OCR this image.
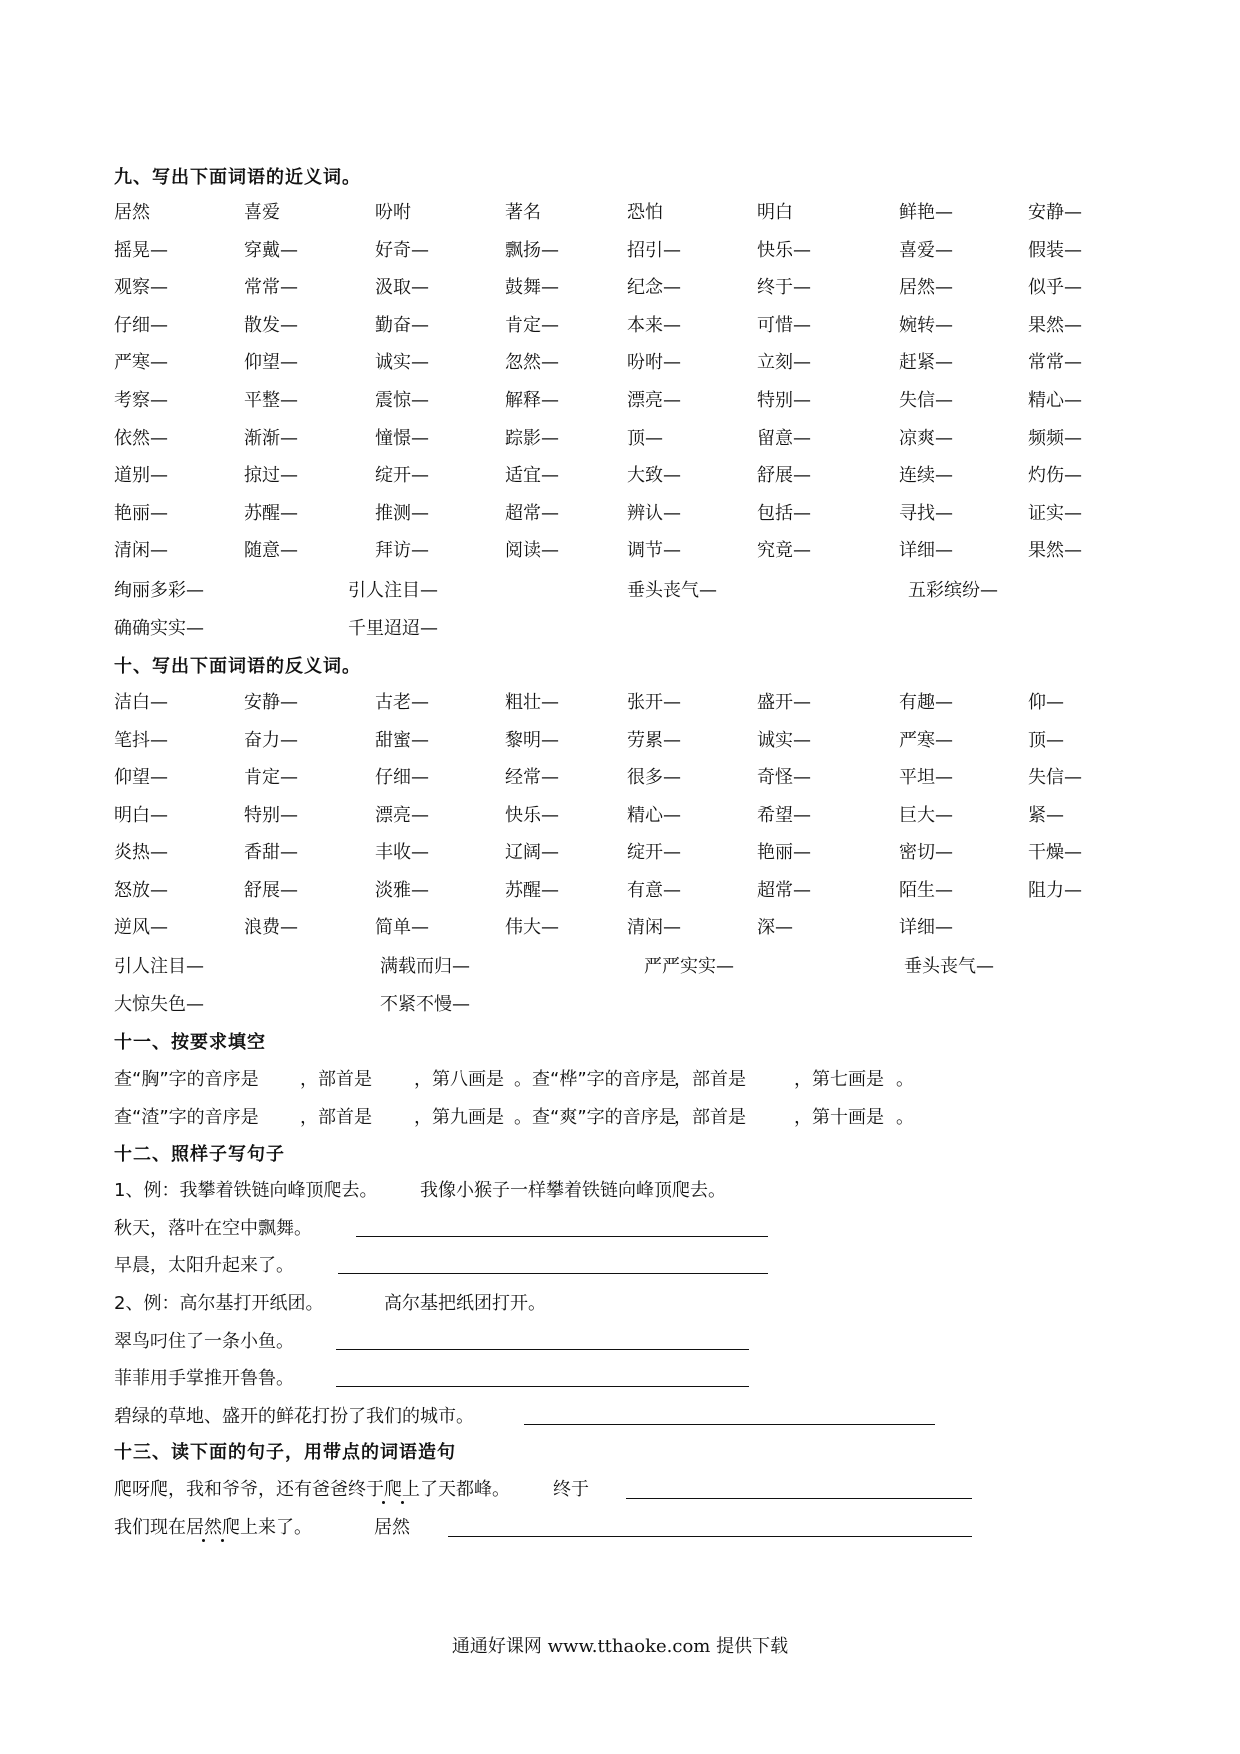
九、写出下面词语的近义词。
居然	喜爱	吩咐	著名	恐怕	明白	鲜艳—	安静—
摇晃—	穿戴—	好奇—	飘扬—	招引—	快乐—	喜爱—	假装—
观察—	常常—	汲取—	鼓舞—	纪念—	终于—	居然—	似乎—
仔细—	散发—	勤奋—	肯定—	本来—	可惜—	婉转—	果然—
严寒—	仰望—	诚实—	忽然—	吩咐—	立刻—	赶紧—	常常—
考察—	平整—	震惊—	解释—	漂亮—	特别—	失信—	精心—
依然—	渐渐—	憧憬—	踪影—	顶—	留意—	凉爽—	频频—
道别—	掠过—	绽开—	适宜—	大致—	舒展—	连续—	灼伤—
艳丽—	苏醒—	推测—	超常—	辨认—	包括—	寻找—	证实—
清闲—	随意—	拜访—	阅读—	调节—	究竟—	详细—	果然—
绚丽多彩—	引人注目—	垂头丧气—	五彩缤纷—
确确实实—	千里迢迢—
十、写出下面词语的反义词。
洁白—	安静—	古老—	粗壮—	张开—	盛开—	有趣—	仰—
笔抖—	奋力—	甜蜜—	黎明—	劳累—	诚实—	严寒—	顶—
仰望—	肯定—	仔细—	经常—	很多—	奇怪—	平坦—	失信—
明白—	特别—	漂亮—	快乐—	精心—	希望—	巨大—	紧—
炎热—	香甜—	丰收—	辽阔—	绽开—	艳丽—	密切—	干燥—
怒放—	舒展—	淡雅—	苏醒—	有意—	超常—	陌生—	阻力—
逆风—	浪费—	简单—	伟大—	清闲—	深—	详细—
引人注目—	满载而归—	严严实实—	垂头丧气—
大惊失色—	不紧不慢—
十一、按要求填空
查“胸”字的音序是 ，部首是 ，第八画是 。查“桦”字的音序是
，部首是	，第七画是 。
查“渣”字的音序是 ，部首是 ，第九画是 。查“爽”字的音序是
，部首是	，第十画是 。
十二、照样子写句子
1、例：我攀着铁链向峰顶爬去。 我像小猴子一样攀着铁链向峰顶爬去。
秋天，落叶在空中飘舞。
早晨，太阳升起来了。
2、例：高尔基打开纸团。	高尔基把纸团打开。
翠鸟叼住了一条小鱼。
菲菲用手掌推开鲁鲁。
碧绿的草地、盛开的鲜花打扮了我们的城市。
十三、读下面的句子，用带点的词语造句
爬呀爬，我和爷爷，还有爸爸终于爬上了天都峰。 终于
我们现在居然爬上来了。	居然
通通好课网 www.tthaoke.com 提供下载
